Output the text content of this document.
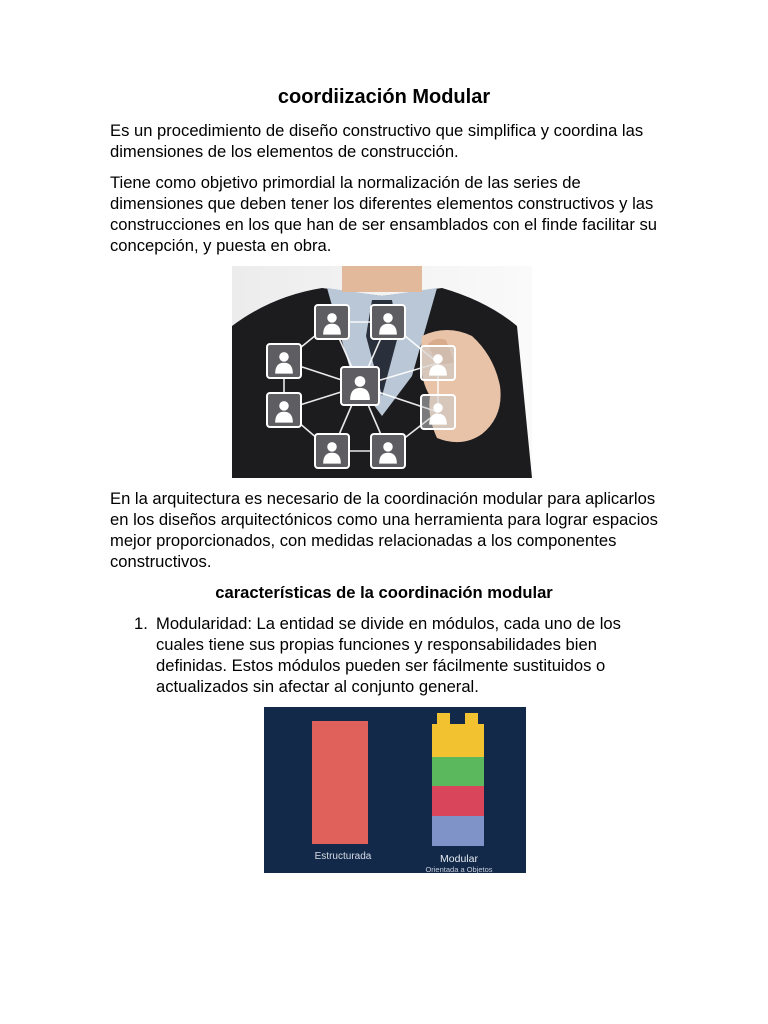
coordiización Modular

Es un procedimiento de diseño constructivo que simplifica y coordina las dimensiones de los elementos de construcción.

Tiene como objetivo primordial la normalización de las series de dimensiones que deben tener los diferentes elementos constructivos y las construcciones en los que han de ser ensamblados con el finde facilitar su concepción, y puesta en obra.

En la arquitectura es necesario de la coordinación modular para aplicarlos en los diseños arquitectónicos como una herramienta para lograr espacios mejor proporcionados, con medidas relacionadas a los componentes constructivos.

características de la coordinación modular
1. Modularidad: La entidad se divide en módulos, cada uno de los cuales tiene sus propias funciones y responsabilidades bien definidas. Estos módulos pueden ser fácilmente sustituidos o actualizados sin afectar al conjunto general.
Estructurada	Modular
Orientada a Objetos
